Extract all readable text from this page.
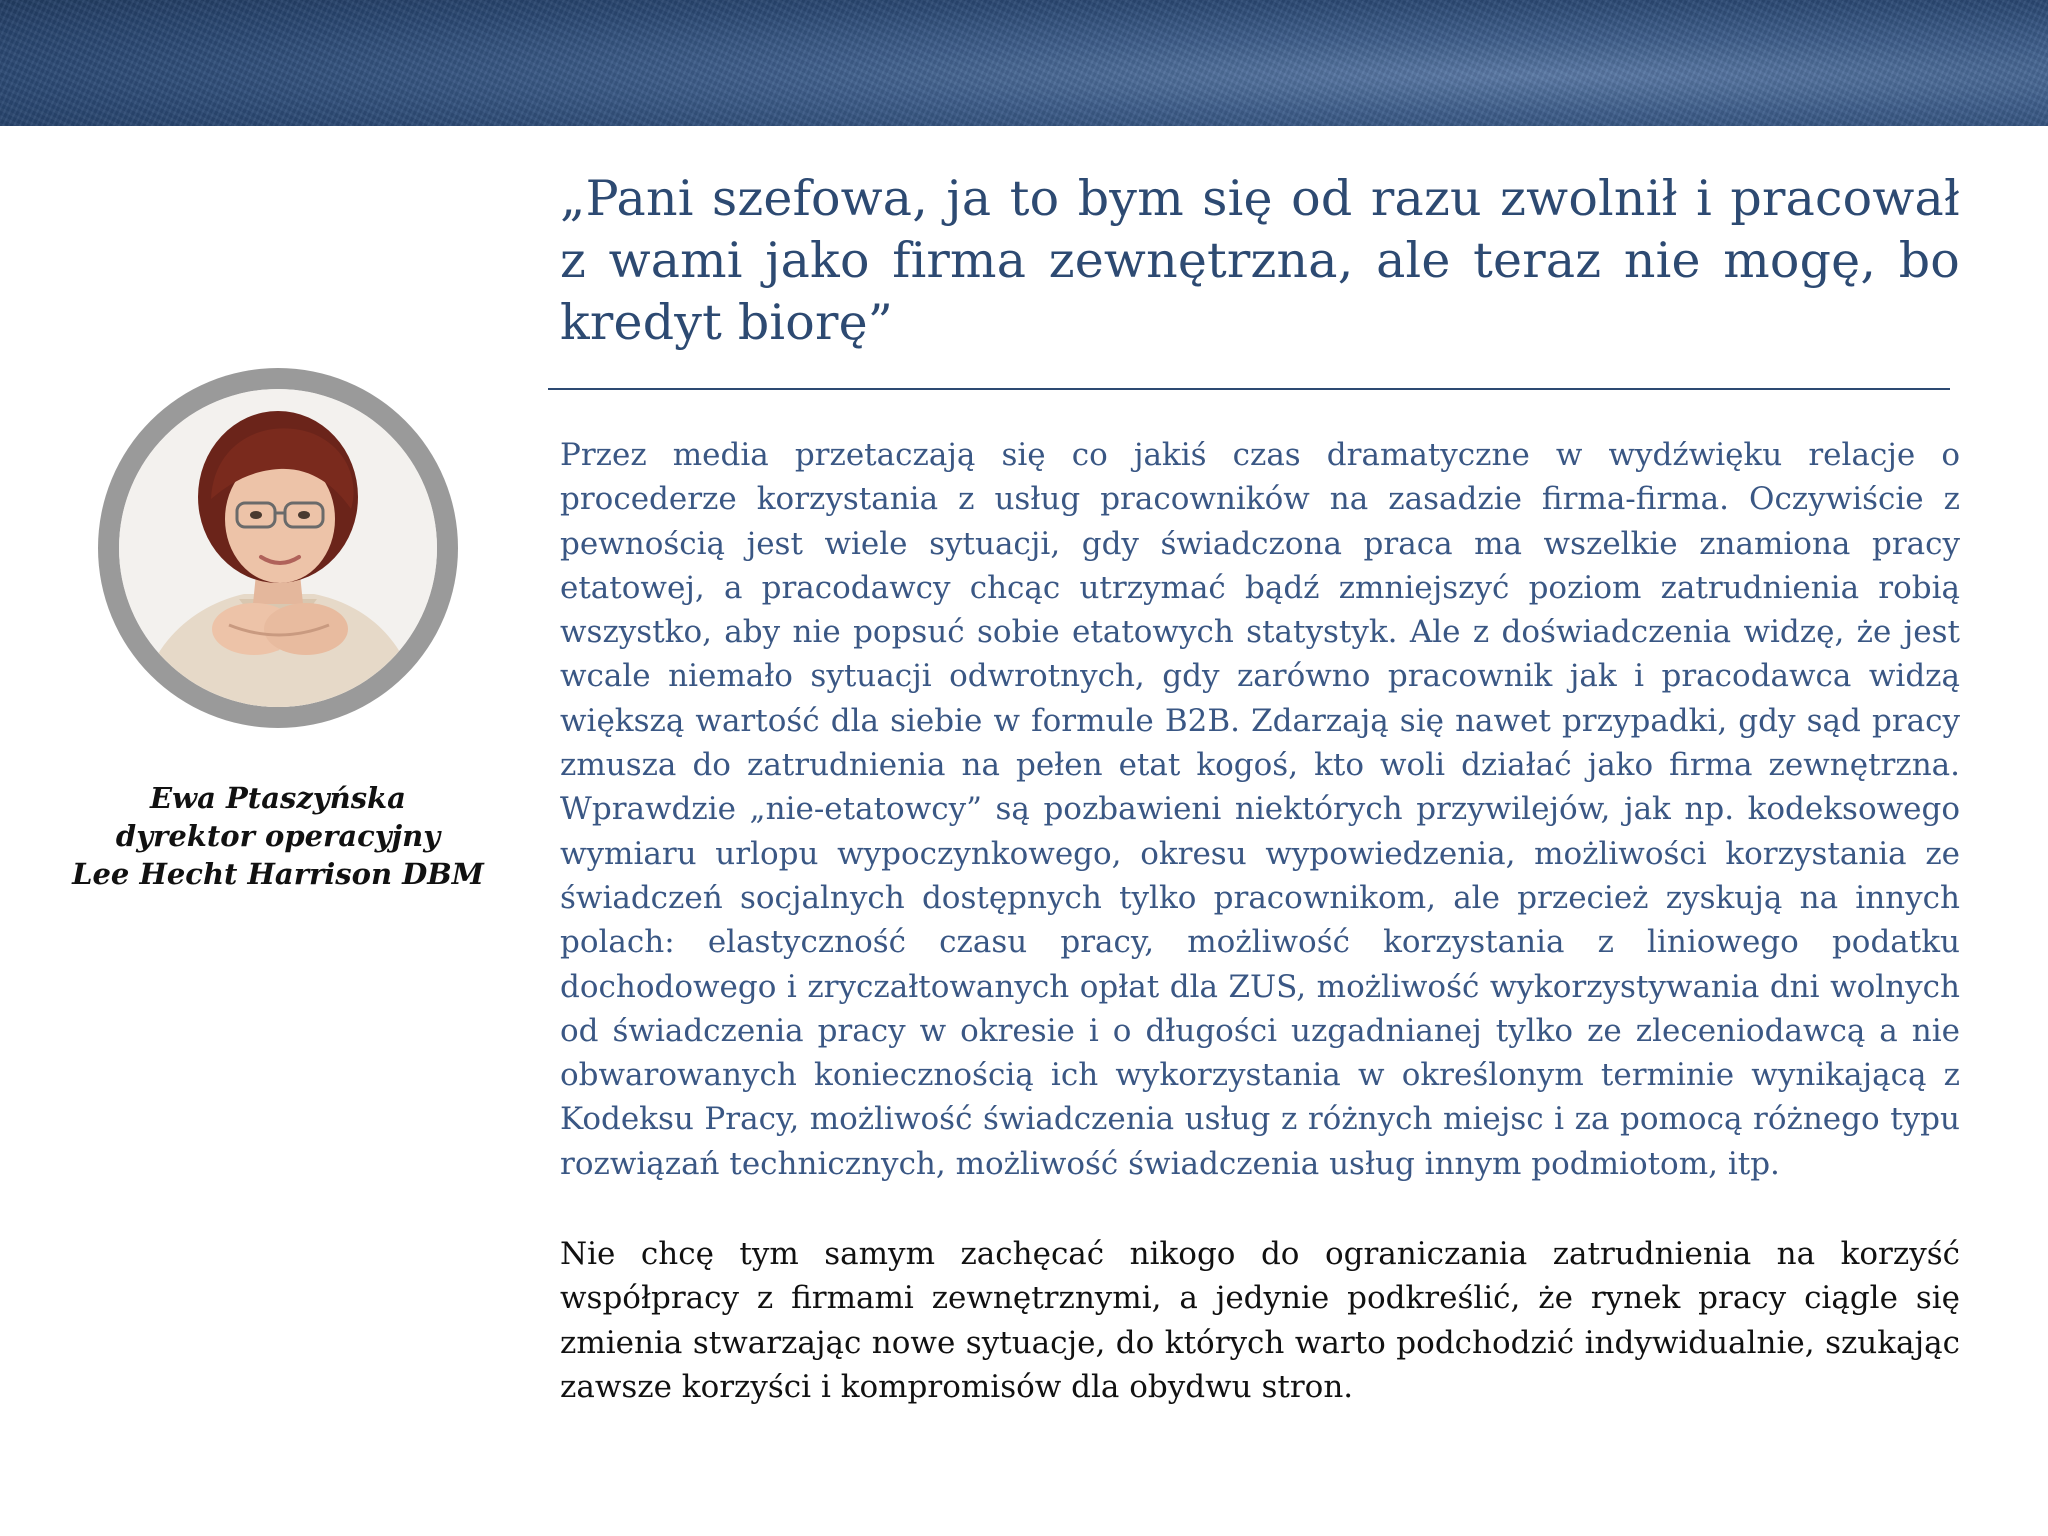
„Pani szefowa, ja to bym się od razu zwolnił i pracował z wami jako firma zewnętrzna, ale teraz nie mogę, bo kredyt biorę”

Przez media przetaczają się co jakiś czas dramatyczne w wydźwięku relacje o procederze korzystania z usług pracowników na zasadzie firma-firma. Oczywiście z pewnością jest wiele sytuacji, gdy świadczona praca ma wszelkie znamiona pracy etatowej, a pracodawcy chcąc utrzymać bądź zmniejszyć poziom zatrudnienia robią wszystko, aby nie popsuć sobie etatowych statystyk. Ale z doświadczenia widzę, że jest wcale niemało sytuacji odwrotnych, gdy zarówno pracownik jak i pracodawca widzą większą wartość dla siebie w formule B2B. Zdarzają się nawet przypadki, gdy sąd pracy zmusza do zatrudnienia na pełen etat kogoś, kto woli działać jako firma zewnętrzna. Wprawdzie „nie-etatowcy” są pozbawieni niektórych przywilejów, jak np. kodeksowego wymiaru urlopu wypoczynkowego, okresu wypowiedzenia, możliwości korzystania ze świadczeń socjalnych dostępnych tylko pracownikom, ale przecież zyskują na innych polach: elastyczność czasu pracy, możliwość korzystania z liniowego podatku dochodowego i zryczałtowanych opłat dla ZUS, możliwość wykorzystywania dni wolnych od świadczenia pracy w okresie i o długości uzgadnianej tylko ze zleceniodawcą a nie obwarowanych koniecznością ich wykorzystania w określonym terminie wynikającą z Kodeksu Pracy, możliwość świadczenia usług z różnych miejsc i za pomocą różnego typu rozwiązań technicznych, możliwość świadczenia usług innym podmiotom, itp.

Nie chcę tym samym zachęcać nikogo do ograniczania zatrudnienia na korzyść współpracy z firmami zewnętrznymi, a jedynie podkreślić, że rynek pracy ciągle się zmienia stwarzając nowe sytuacje, do których warto podchodzić indywidualnie, szukając zawsze korzyści i kompromisów dla obydwu stron.

Ewa Ptaszyńska
dyrektor operacyjny
Lee Hecht Harrison DBM
